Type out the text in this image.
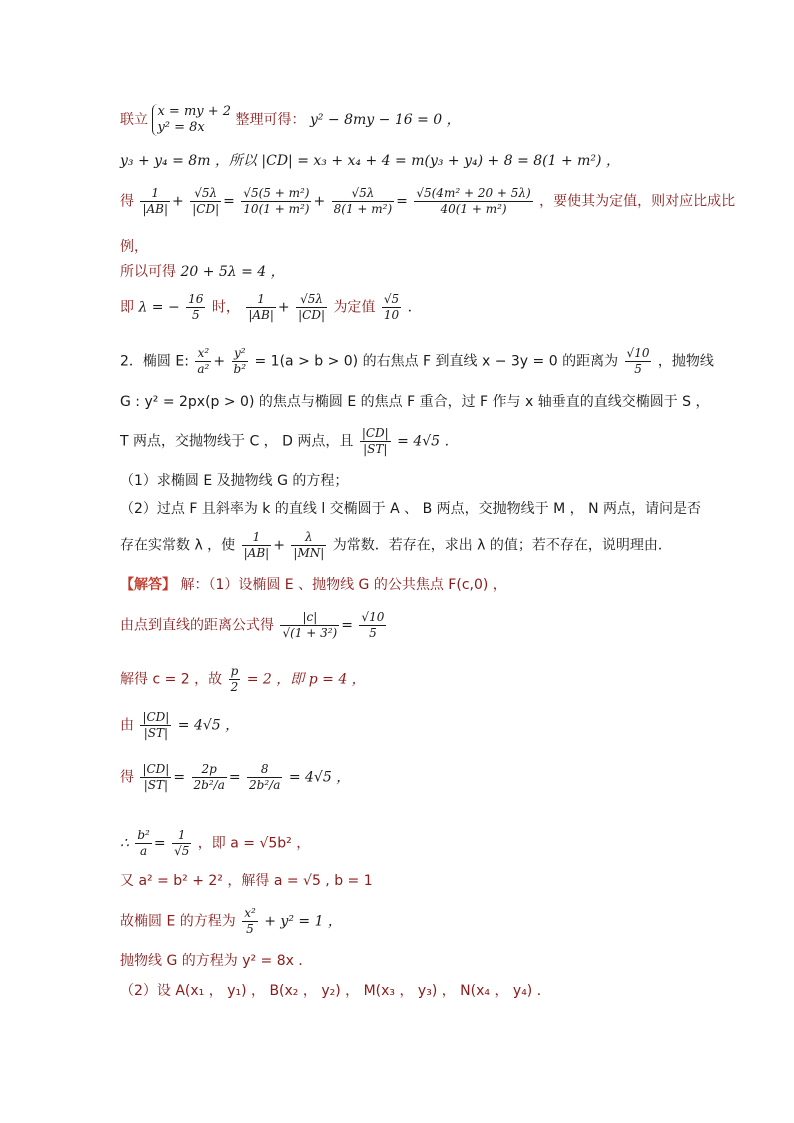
联立
x = my + 2
y² = 8x	整理可得： y² − 8my − 16 = 0 ，
y₃ + y₄ = 8m ，所以 |CD| = x₃ + x₄ + 4 = m(y₃ + y₄) + 8 = 8(1 + m²) ，
得 $\frac{1}{|AB|} + \frac{√5\lambda}{|CD|} = \frac{\text{√5(5 + m²)}}{\text{10(1 + m²)}} + \frac{√5\lambda}{\text{8(1 + m²)}} = \frac{\text{√5(4m² + 20 + 5λ)}}{\text{40(1 + m²)}}$ ，要使其为定值，则对应比成比
例，
所以可得 20 + 5λ = 4 ，
即 λ = − $\frac{16}{5}$ 时， $\frac{1}{|AB|} + \frac{√5\lambda}{|CD|}$ 为定值 $\frac{√5}{10}$ ．
2．椭圆 E: $\frac{\text{x²}}{\text{a²}} + \frac{\text{y²}}{\text{b²}} = 1(a > b > 0)$ 的右焦点 F 到直线 x − 3y = 0 的距离为 $\frac{√10}{5}$ ，抛物线
G : y² = 2px(p > 0) 的焦点与椭圆 E 的焦点 F 重合，过 F 作与 x 轴垂直的直线交椭圆于 S ，
T 两点，交抛物线于 C ， D 两点，且 $\frac{|CD|}{|ST|} = 4√5$ ．
（1）求椭圆 E 及抛物线 G 的方程；
（2）过点 F 且斜率为 k 的直线 l 交椭圆于 A 、 B 两点，交抛物线于 M ， N 两点，请问是否
存在实常数 λ ，使 $\frac{1}{|AB|} + \frac{\lambda}{|MN|}$ 为常数．若存在，求出 λ 的值；若不存在，说明理由．
【解答】 解：（1）设椭圆 E 、抛物线 G 的公共焦点 F(c,0) ，
由点到直线的距离公式得 $\frac{|c|}{\text{√(1 + 3²)}} = \frac{√10}{5}$
解得 c = 2 ，故 $\frac{p}{2} = 2$ ，即 p = 4 ，
由 $\frac{|CD|}{|ST|} = 4√5$ ，
得 $\frac{|CD|}{|ST|} = \frac{2p}{\text{2b²/a}} = \frac{8}{\text{2b²/a}} = 4√5$ ，
∴ $\frac{\text{b²}}{a} = \frac{1}{√5}$ ，即 a = √5b² ，
又 a² = b² + 2² ，解得 a = √5 , b = 1
故椭圆 E 的方程为 $\frac{\text{x²}}{5} + y^2 = 1$ ，
抛物线 G 的方程为 y² = 8x ．
（2）设 A(x₁ ， y₁) ， B(x₂ ， y₂) ， M(x₃ ， y₃) ， N(x₄ ， y₄) ．
